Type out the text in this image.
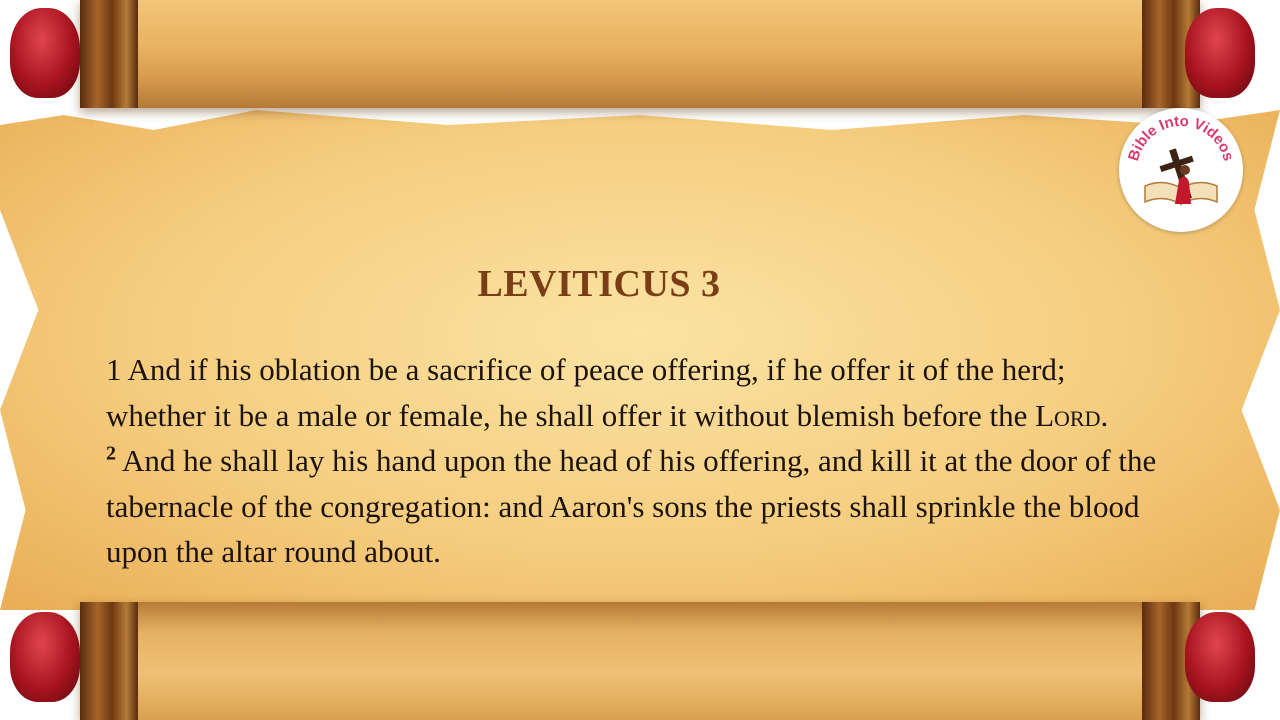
Bible Into Videos
LEVITICUS 3

1 And if his oblation be a sacrifice of peace offering, if he offer it of the herd; whether it be a male or female, he shall offer it without blemish before the Lord.

$^2$ And he shall lay his hand upon the head of his offering, and kill it at the door of the tabernacle of the congregation: and Aaron's sons the priests shall sprinkle the blood upon the altar round about.
